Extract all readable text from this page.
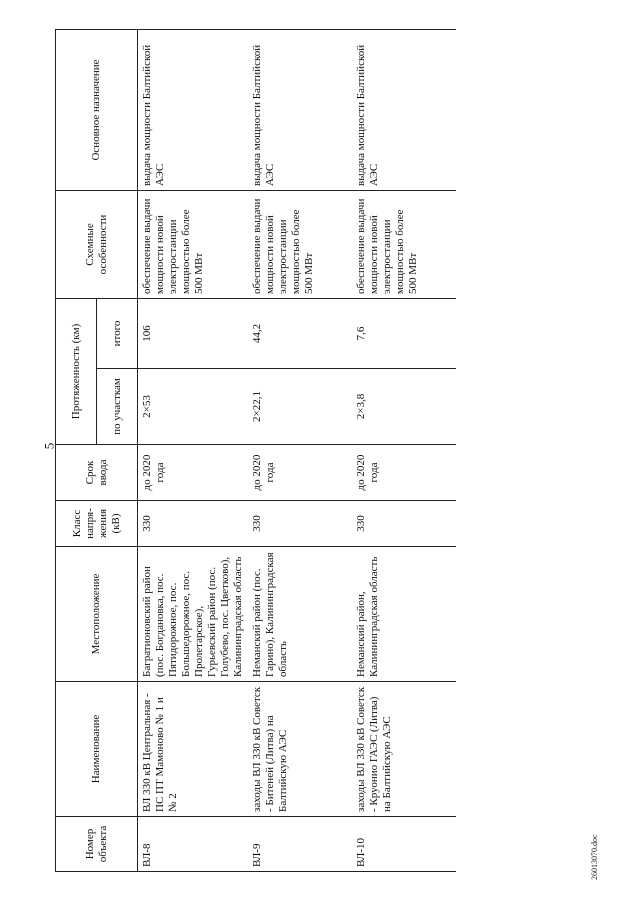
5
Номер объекта	Наименование	Местоположение	Класс напря-жения (кВ)	Срок ввода	Протяженность (км)		Схемные особенности	Основное назначение
					по участкам	итого		
ВЛ-8	ВЛ 330 кВ Центральная - ПС ПТ Мамоново № 1 и № 2	Багратионовский район (пос. Богдановка, пос. Пятидорожное, пос. Большедорожное, пос. Пролетарское), Гурьевский район (пос. Голубево, пос. Цветково), Калининградская область	330	до 2020 года	2×53	106	обеспечение выдачи мощности новой электростанции мощностью более 500 МВт	выдача мощности Балтийской АЭС
ВЛ-9	заходы ВЛ 330 кВ Советск - Битеней (Литва) на Балтийскую АЭС	Неманский район (пос. Гарино), Калининградская область	330	до 2020 года	2×22,1	44,2	обеспечение выдачи мощности новой электростанции мощностью более 500 МВт	выдача мощности Балтийской АЭС
ВЛ-10	заходы ВЛ 330 кВ Советск - Круонио ГАЭС (Литва) на Балтийскую АЭС	Неманский район, Калининградская область	330	до 2020 года	2×3,8	7,6	обеспечение выдачи мощности новой электростанции мощностью более 500 МВт	выдача мощности Балтийской АЭС
26013070.doc
